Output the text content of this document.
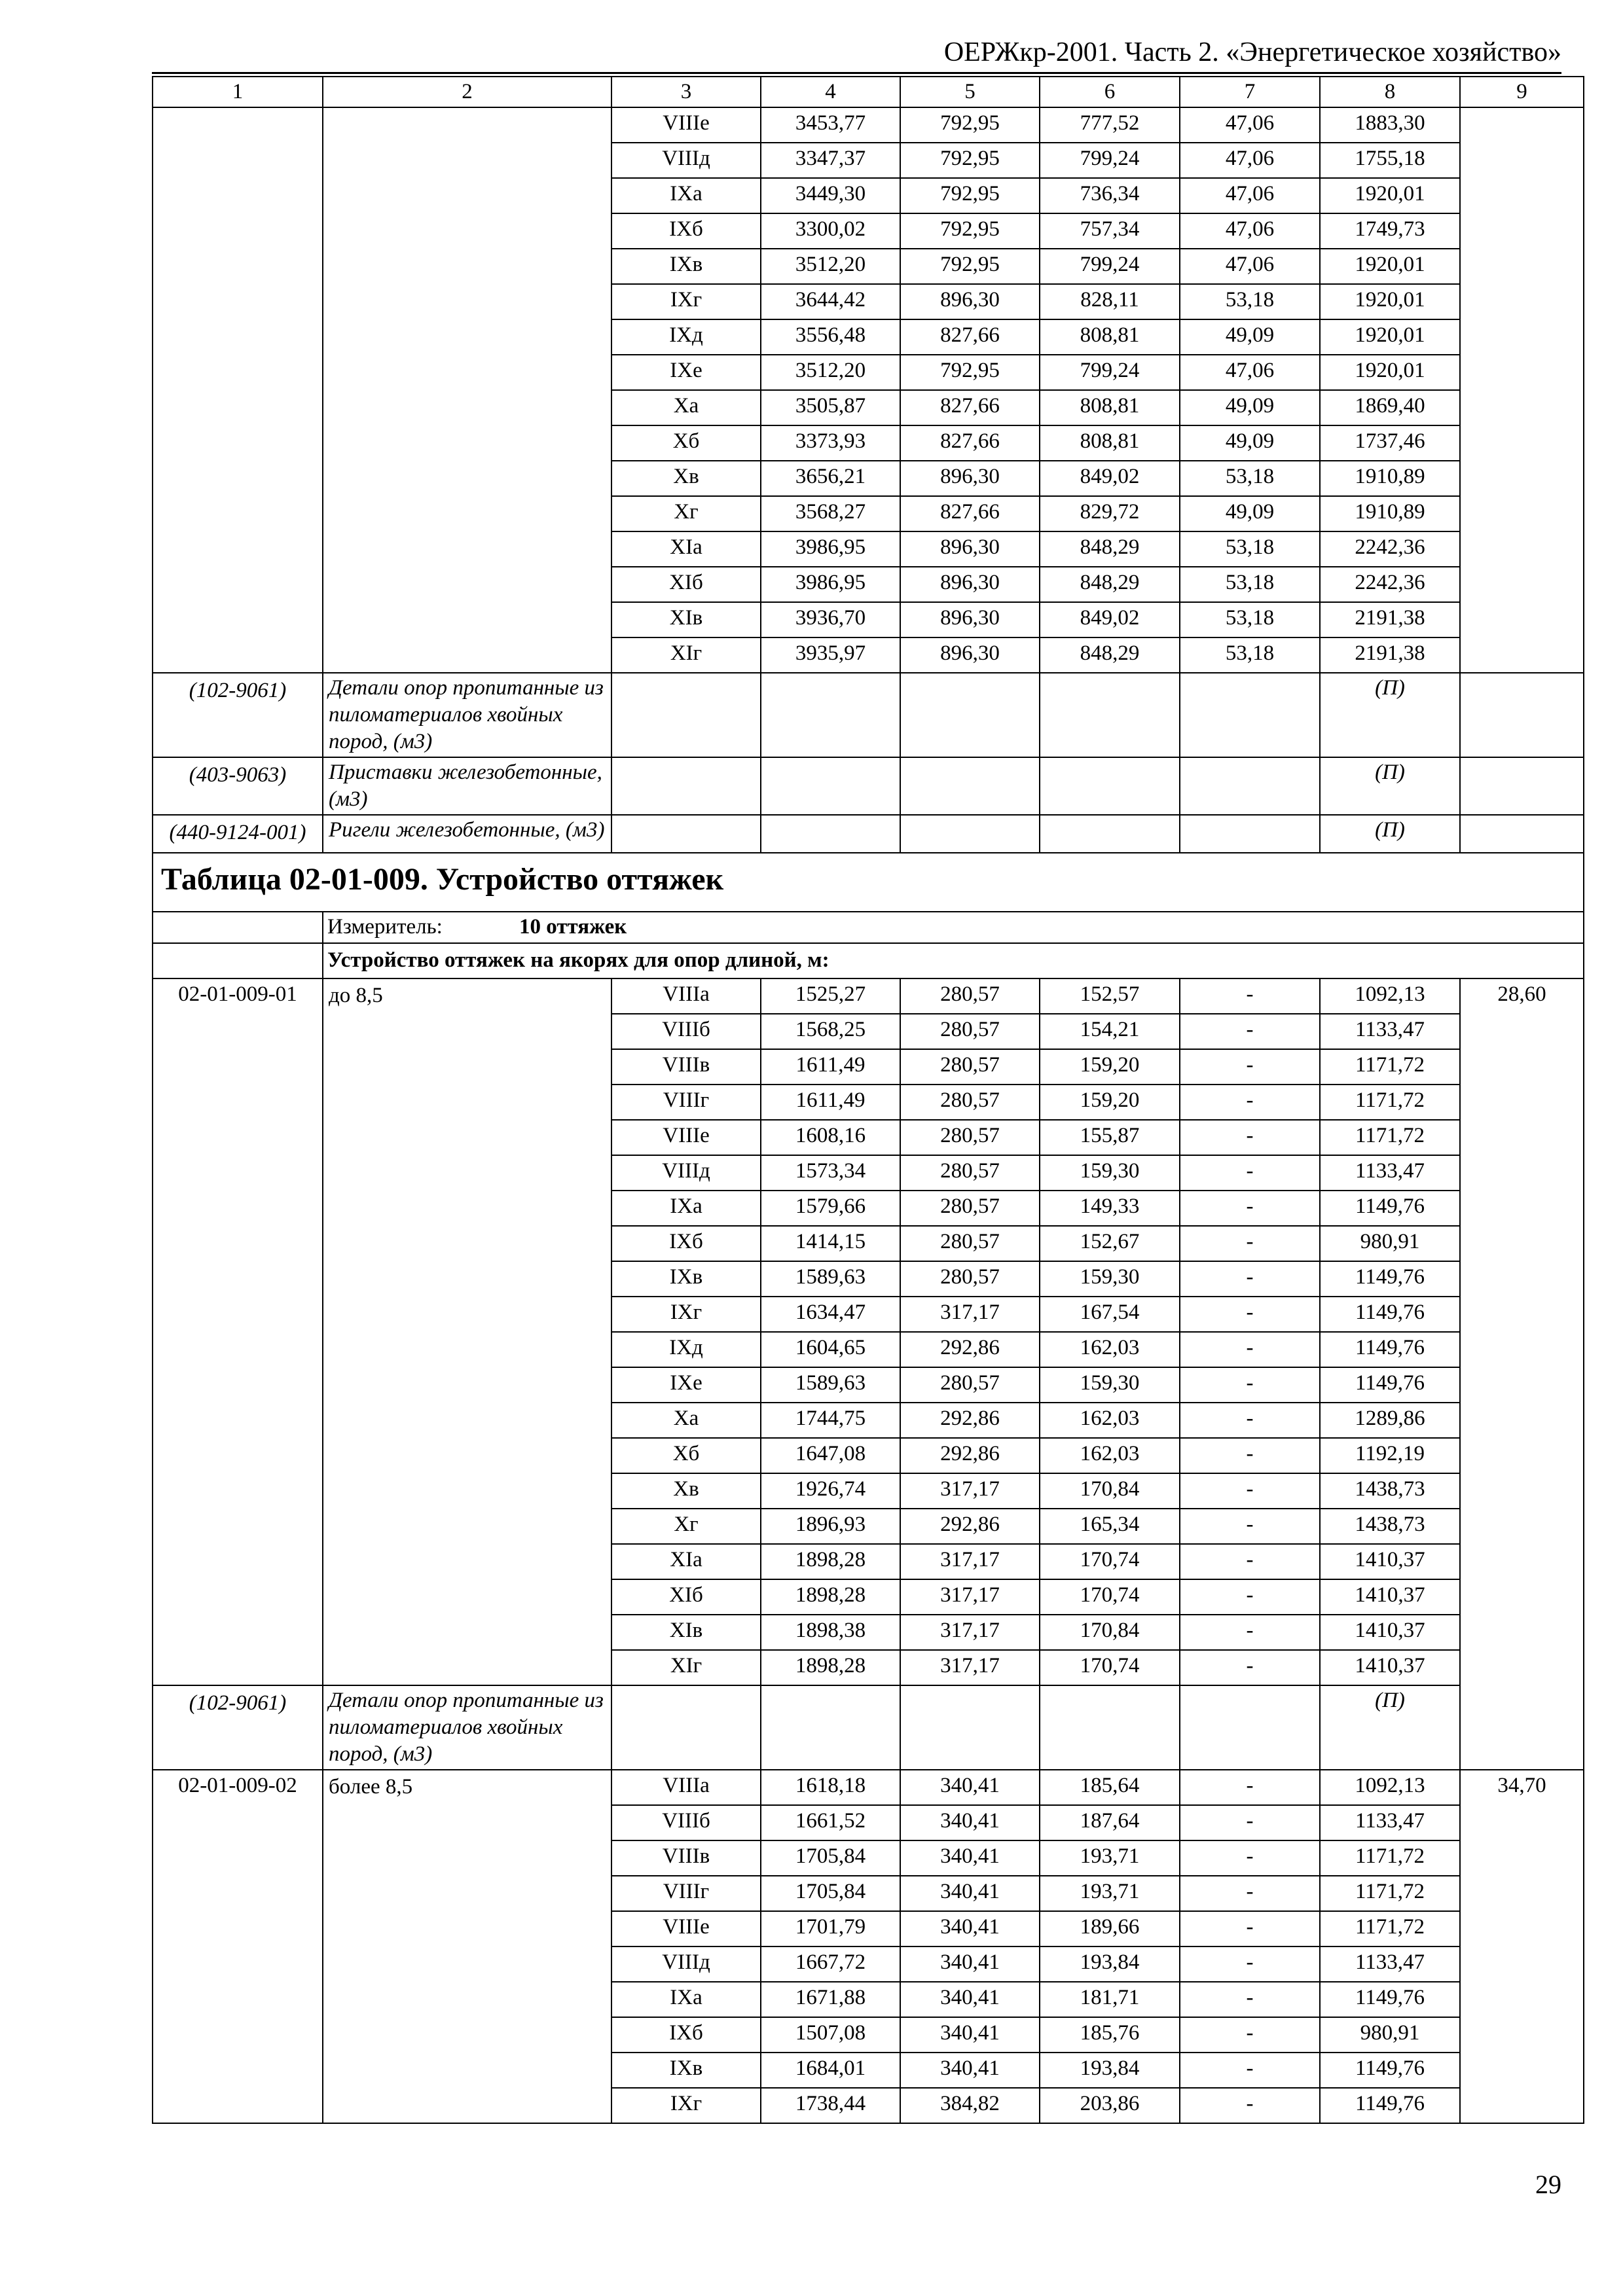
ОЕРЖкр-2001. Часть 2. «Энергетическое хозяйство»
1	2	3	4	5	6	7	8	9
		VIIIе	3453,77	792,95	777,52	47,06	1883,30	
		VIIIд	3347,37	792,95	799,24	47,06	1755,18	
		IXа	3449,30	792,95	736,34	47,06	1920,01	
		IXб	3300,02	792,95	757,34	47,06	1749,73	
		IXв	3512,20	792,95	799,24	47,06	1920,01	
		IXг	3644,42	896,30	828,11	53,18	1920,01	
		IXд	3556,48	827,66	808,81	49,09	1920,01	
		IXе	3512,20	792,95	799,24	47,06	1920,01	
		Xа	3505,87	827,66	808,81	49,09	1869,40	
		Xб	3373,93	827,66	808,81	49,09	1737,46	
		Xв	3656,21	896,30	849,02	53,18	1910,89	
		Xг	3568,27	827,66	829,72	49,09	1910,89	
		XIа	3986,95	896,30	848,29	53,18	2242,36	
		XIб	3986,95	896,30	848,29	53,18	2242,36	
		XIв	3936,70	896,30	849,02	53,18	2191,38	
		XIг	3935,97	896,30	848,29	53,18	2191,38	
(102-9061)	Детали опор пропитанные из пиломатериалов хвойных пород, (м3)						(П)	
(403-9063)	Приставки железобетонные, (м3)						(П)	
(440-9124-001)	Ригели железобетонные, (м3)						(П)	
Таблица 02-01-009. Устройство оттяжек								
	Измеритель: 10 оттяжек							
	Устройство оттяжек на якорях для опор длиной, м:							
02-01-009-01	до 8,5	VIIIа	1525,27	280,57	152,57	-	1092,13	28,60
		VIIIб	1568,25	280,57	154,21	-	1133,47	
		VIIIв	1611,49	280,57	159,20	-	1171,72	
		VIIIг	1611,49	280,57	159,20	-	1171,72	
		VIIIе	1608,16	280,57	155,87	-	1171,72	
		VIIIд	1573,34	280,57	159,30	-	1133,47	
		IXа	1579,66	280,57	149,33	-	1149,76	
		IXб	1414,15	280,57	152,67	-	980,91	
		IXв	1589,63	280,57	159,30	-	1149,76	
		IXг	1634,47	317,17	167,54	-	1149,76	
		IXд	1604,65	292,86	162,03	-	1149,76	
		IXе	1589,63	280,57	159,30	-	1149,76	
		Xа	1744,75	292,86	162,03	-	1289,86	
		Xб	1647,08	292,86	162,03	-	1192,19	
		Xв	1926,74	317,17	170,84	-	1438,73	
		Xг	1896,93	292,86	165,34	-	1438,73	
		XIа	1898,28	317,17	170,74	-	1410,37	
		XIб	1898,28	317,17	170,74	-	1410,37	
		XIв	1898,38	317,17	170,84	-	1410,37	
		XIг	1898,28	317,17	170,74	-	1410,37	
(102-9061)	Детали опор пропитанные из пиломатериалов хвойных пород, (м3)						(П)	
02-01-009-02	более 8,5	VIIIа	1618,18	340,41	185,64	-	1092,13	34,70
		VIIIб	1661,52	340,41	187,64	-	1133,47	
		VIIIв	1705,84	340,41	193,71	-	1171,72	
		VIIIг	1705,84	340,41	193,71	-	1171,72	
		VIIIе	1701,79	340,41	189,66	-	1171,72	
		VIIIд	1667,72	340,41	193,84	-	1133,47	
		IXа	1671,88	340,41	181,71	-	1149,76	
		IXб	1507,08	340,41	185,76	-	980,91	
		IXв	1684,01	340,41	193,84	-	1149,76	
		IXг	1738,44	384,82	203,86	-	1149,76	
29
